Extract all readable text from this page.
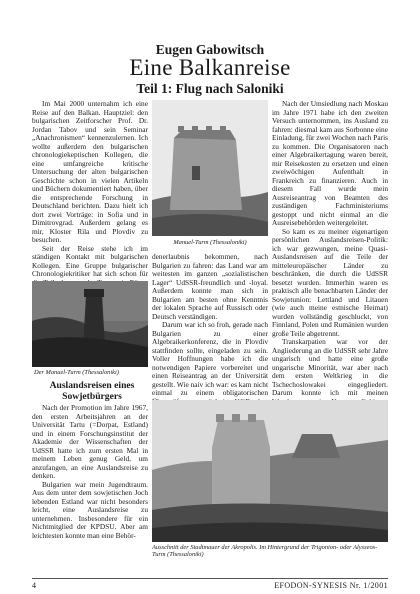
Eugen Gabowitsch
Eine Balkanreise
Teil 1: Flug nach Saloniki

Im Mai 2000 unternahm ich eine Reise auf den Balkan. Hauptziel: den bulgarischen Zeitforscher Prof. Dr. Jordan Tabov und sein Seminar „Anachronismen“ kennenzulernen. Ich wollte außerdem den bulgarischen chronologiekeptischen Kollegen, die eine umfangreiche kritische Untersuchung der alten bulgarischen Geschichte schon in vielen Artikeln und Büchern dokumentiert haben, über die entsprechende Forschung in Deutschland berichten. Dazu hielt ich dort zwei Vorträge: in Sofia und in Dimitrovgrad. Außerdem gelang es mir, Kloster Rila und Plovdiv zu besuchen.

Seit der Reise stehe ich im ständigen Kontakt mit bulgarischen Kollegen. Eine Gruppe bulgarischer Chronologiekritiker hat sich schon für

Der Manuel-Turm (Thessaloniki)
Auslandsreisen eines Sowjetbürgers

Nach der Promotion im Jahre 1967, den ersten Arbeitsjahren an der Universität Tartu (=Dorpat, Estland) und in einem Forschungsinstitut der Akademie der Wissenschaften der UdSSR hatte ich zum ersten Mal in meinem Leben genug Geld, um anzufangen, an eine Auslandsreise zu denken.

Bulgarien war mein Jugendtraum. Aus dem unter dem sowjetischen Joch lebenden Estland war nicht besonders leicht, eine Auslandsreise zu unternehmen. Insbesondere für ein Nichtmitglied der KPDSU. Aber am leichtesten konnte man eine Behör-

Manuel-Turm (Thessaloniki)

denerlaubnis bekommen, nach Bulgarien zu fahren: das Land war am weitesten im ganzen „sozialistischen Lager“ UdSSR-freundlich und -loyal. Außerdem konnte man sich in Bulgarien am besten ohne Kenntnis der lokalen Sprache auf Russisch oder Deutsch verständigen.

Darum war ich so froh, gerade nach Bulgarien zu einer Algebraikerkonferenz, die in Plovdiv stattfinden sollte, eingeladen zu sein. Voller Hoffnungen habe ich die notwendigen Papiere vorbereitet und einen Reiseantrag an der Universität gestellt. Wie naiv ich war: es kam nicht einmal zu einem obligatorischen

Nach der Umsiedlung nach Moskau im Jahre 1971 habe ich den zweiten Versuch unternommen, ins Ausland zu fahren: diesmal kam aus Sorbonne eine Einladung, für zwei Wochen nach Paris zu kommen. Die Organisatoren nach einer Algebraikertagung waren bereit, mir Reisekosten zu ersetzen und einen zweiwöchigen Aufenthalt in Frankreich zu finanzieren. Auch in diesem Fall wurde mein Ausreiseantrag von Beamten des zuständigen Fachministeriums gestoppt und nicht einmal an die Ausreisebehörden weitergeleitet.

So kam es zu meiner eigenartigen persönlichen Auslandsreisen-Politik: ich war gezwungen, meine Quasi-Auslandsreisen auf die Teile der mitteleuropäischer Länder zu beschränken, die durch die UdSSR besetzt wurden. Immerhin waren es praktisch alle benachbarten Länder der Sowjetunion: Lettland und Litauen (wie auch meine estnische Heimat) wurden vollständig geschluckt, von Finnland, Polen und Rumänien wurden große Teile abgetrennt.

Transkarpatien war vor der Angliederung an die UdSSR sehr Jahre ungarisch und hatte eine große ungarische Minorität, war aber nach dem ersten Weltkrieg in die Tschechoslowakei eingegliedert. Darum konnte ich mit meinen

Ausschnitt der Stadtmauer der Akropolis. Im Hintergrund der Trigonion- oder Alysseos-Turm (Thessaloniki)
4	EFODON-SYNESIS Nr. 1/2001
